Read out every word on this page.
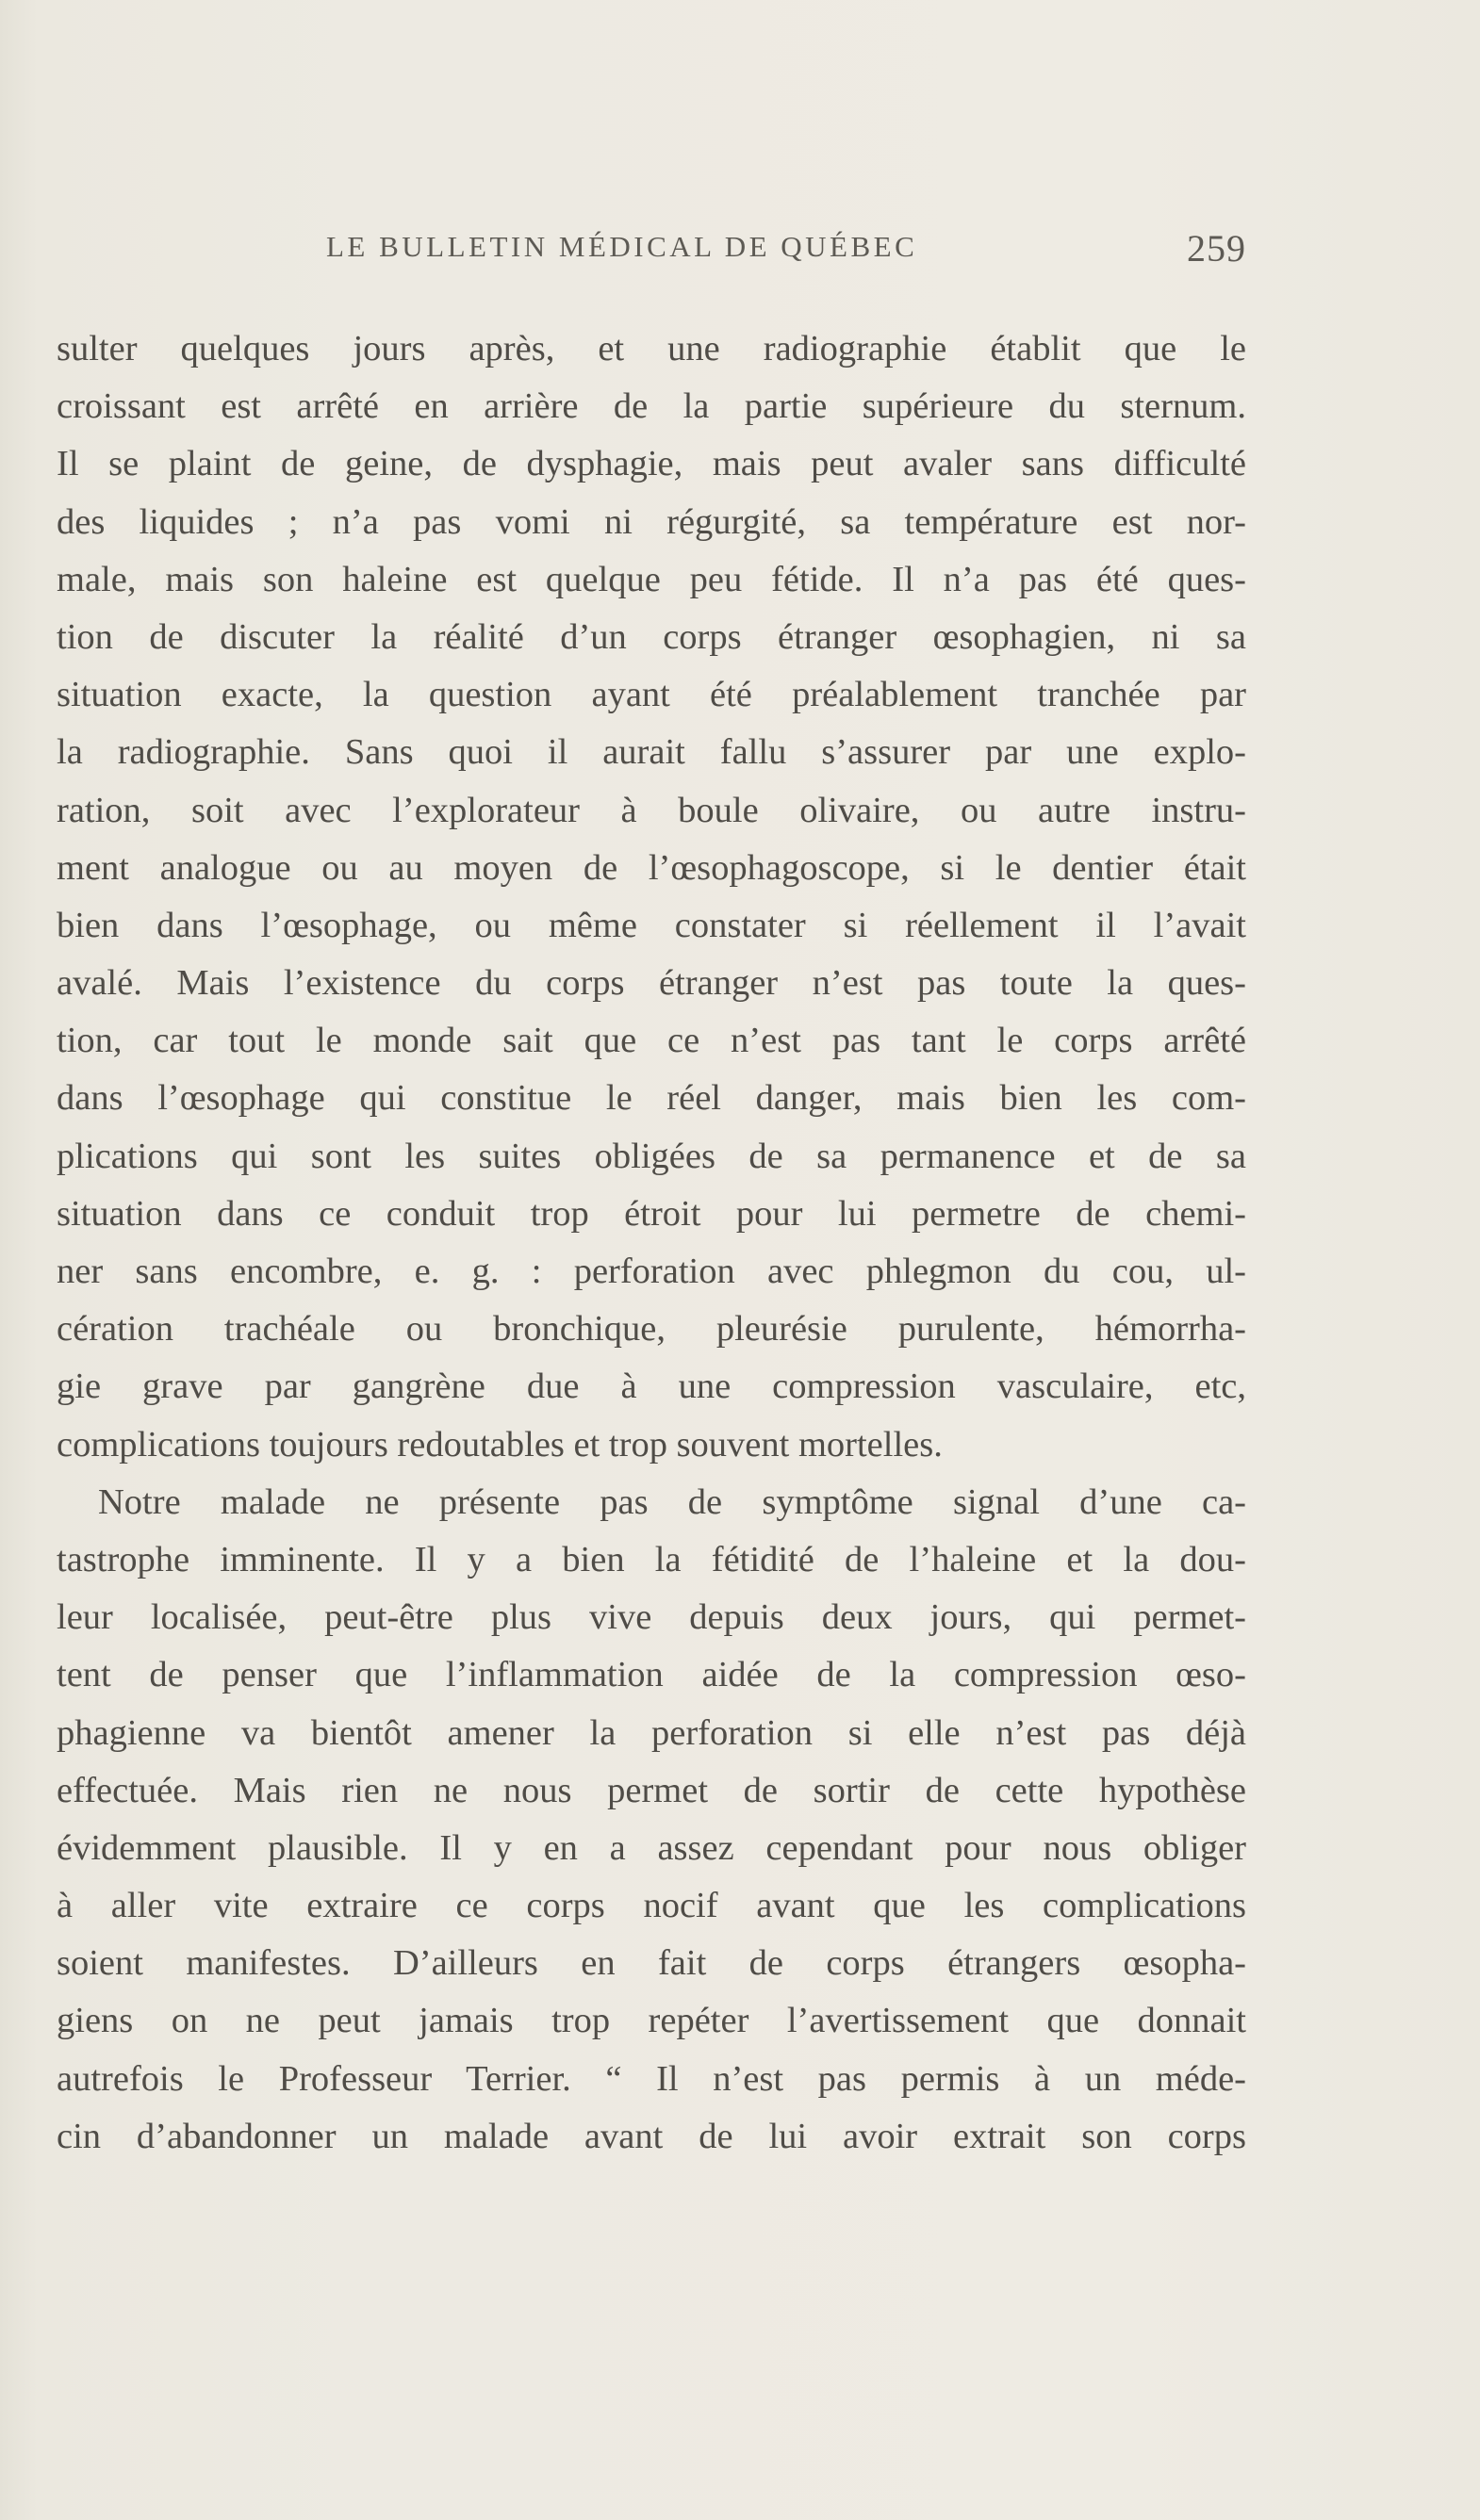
LE BULLETIN MÉDICAL DE QUÉBEC	259
sulter quelques jours après, et une radiographie établit que le
croissant est arrêté en arrière de la partie supérieure du sternum.
Il se plaint de geine, de dysphagie, mais peut avaler sans difficulté
des liquides ; n’a pas vomi ni régurgité, sa température est nor-
male, mais son haleine est quelque peu fétide. Il n’a pas été ques-
tion de discuter la réalité d’un corps étranger œsophagien, ni sa
situation exacte, la question ayant été préalablement tranchée par
la radiographie. Sans quoi il aurait fallu s’assurer par une explo-
ration, soit avec l’explorateur à boule olivaire, ou autre instru-
ment analogue ou au moyen de l’œsophagoscope, si le dentier était
bien dans l’œsophage, ou même constater si réellement il l’avait
avalé. Mais l’existence du corps étranger n’est pas toute la ques-
tion, car tout le monde sait que ce n’est pas tant le corps arrêté
dans l’œsophage qui constitue le réel danger, mais bien les com-
plications qui sont les suites obligées de sa permanence et de sa
situation dans ce conduit trop étroit pour lui permetre de chemi-
ner sans encombre, e. g. : perforation avec phlegmon du cou, ul-
cération trachéale ou bronchique, pleurésie purulente, hémorrha-
gie grave par gangrène due à une compression vasculaire, etc,
complications toujours redoutables et trop souvent mortelles.
Notre malade ne présente pas de symptôme signal d’une ca-
tastrophe imminente. Il y a bien la fétidité de l’haleine et la dou-
leur localisée, peut-être plus vive depuis deux jours, qui permet-
tent de penser que l’inflammation aidée de la compression œso-
phagienne va bientôt amener la perforation si elle n’est pas déjà
effectuée. Mais rien ne nous permet de sortir de cette hypothèse
évidemment plausible. Il y en a assez cependant pour nous obliger
à aller vite extraire ce corps nocif avant que les complications
soient manifestes. D’ailleurs en fait de corps étrangers œsopha-
giens on ne peut jamais trop repéter l’avertissement que donnait
autrefois le Professeur Terrier. “ Il n’est pas permis à un méde-
cin d’abandonner un malade avant de lui avoir extrait son corps
